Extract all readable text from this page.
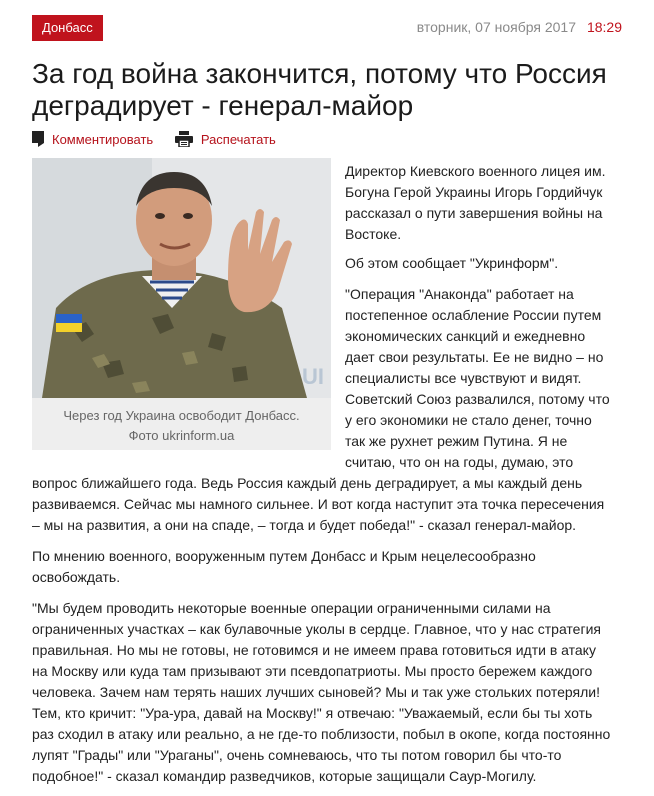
Донбасс	вторник, 07 ноября 2017 18:29
За год война закончится, потому что Россия деградирует - генерал-майор
Комментировать
	Распечатать
UI
Через год Украина освободит Донбасс.
Фото ukrinform.ua
Директор Киевского военного лицея им.
Богуна Герой Украины Игорь Гордийчук
рассказал о пути завершения войны на
Востоке.
Об этом сообщает "Укринформ".
"Операция "Анаконда" работает на
постепенное ослабление России путем
экономических санкций и ежедневно
дает свои результаты. Ее не видно – но
специалисты все чувствуют и видят.
Советский Союз развалился, потому что
у его экономики не стало денег, точно
так же рухнет режим Путина. Я не
считаю, что он на годы, думаю, это
вопрос ближайшего года. Ведь Россия каждый день деградирует, а мы каждый день
развиваемся. Сейчас мы намного сильнее. И вот когда наступит эта точка пересечения
– мы на развития, а они на спаде, – тогда и будет победа!" - сказал генерал-майор.
По мнению военного, вооруженным путем Донбасс и Крым нецелесообразно
освобождать.
"Мы будем проводить некоторые военные операции ограниченными силами на
ограниченных участках – как булавочные уколы в сердце. Главное, что у нас стратегия
правильная. Но мы не готовы, не готовимся и не имеем права готовиться идти в атаку
на Москву или куда там призывают эти псевдопатриоты. Мы просто бережем каждого
человека. Зачем нам терять наших лучших сыновей? Мы и так уже стольких потеряли!
Тем, кто кричит: "Ура-ура, давай на Москву!" я отвечаю: "Уважаемый, если бы ты хоть
раз сходил в атаку или реально, а не где-то поблизости, побыл в окопе, когда постоянно
лупят "Грады" или "Ураганы", очень сомневаюсь, что ты потом говорил бы что-то
подобное!" - сказал командир разведчиков, которые защищали Саур-Могилу.
